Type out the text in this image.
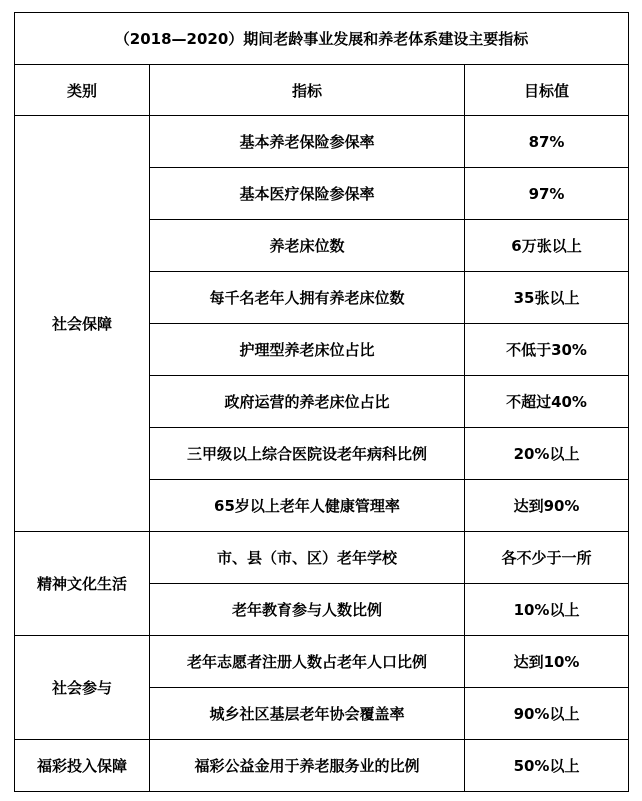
（2018—2020）期间老龄事业发展和养老体系建设主要指标		
类别	指标	目标值
社会保障	基本养老保险参保率	87%
	基本医疗保险参保率	97%
	养老床位数	6万张以上
	每千名老年人拥有养老床位数	35张以上
	护理型养老床位占比	不低于30%
	政府运营的养老床位占比	不超过40%
	三甲级以上综合医院设老年病科比例	20%以上
	65岁以上老年人健康管理率	达到90%
精神文化生活	市、县（市、区）老年学校	各不少于一所
	老年教育参与人数比例	10%以上
社会参与	老年志愿者注册人数占老年人口比例	达到10%
	城乡社区基层老年协会覆盖率	90%以上
福彩投入保障	福彩公益金用于养老服务业的比例	50%以上
